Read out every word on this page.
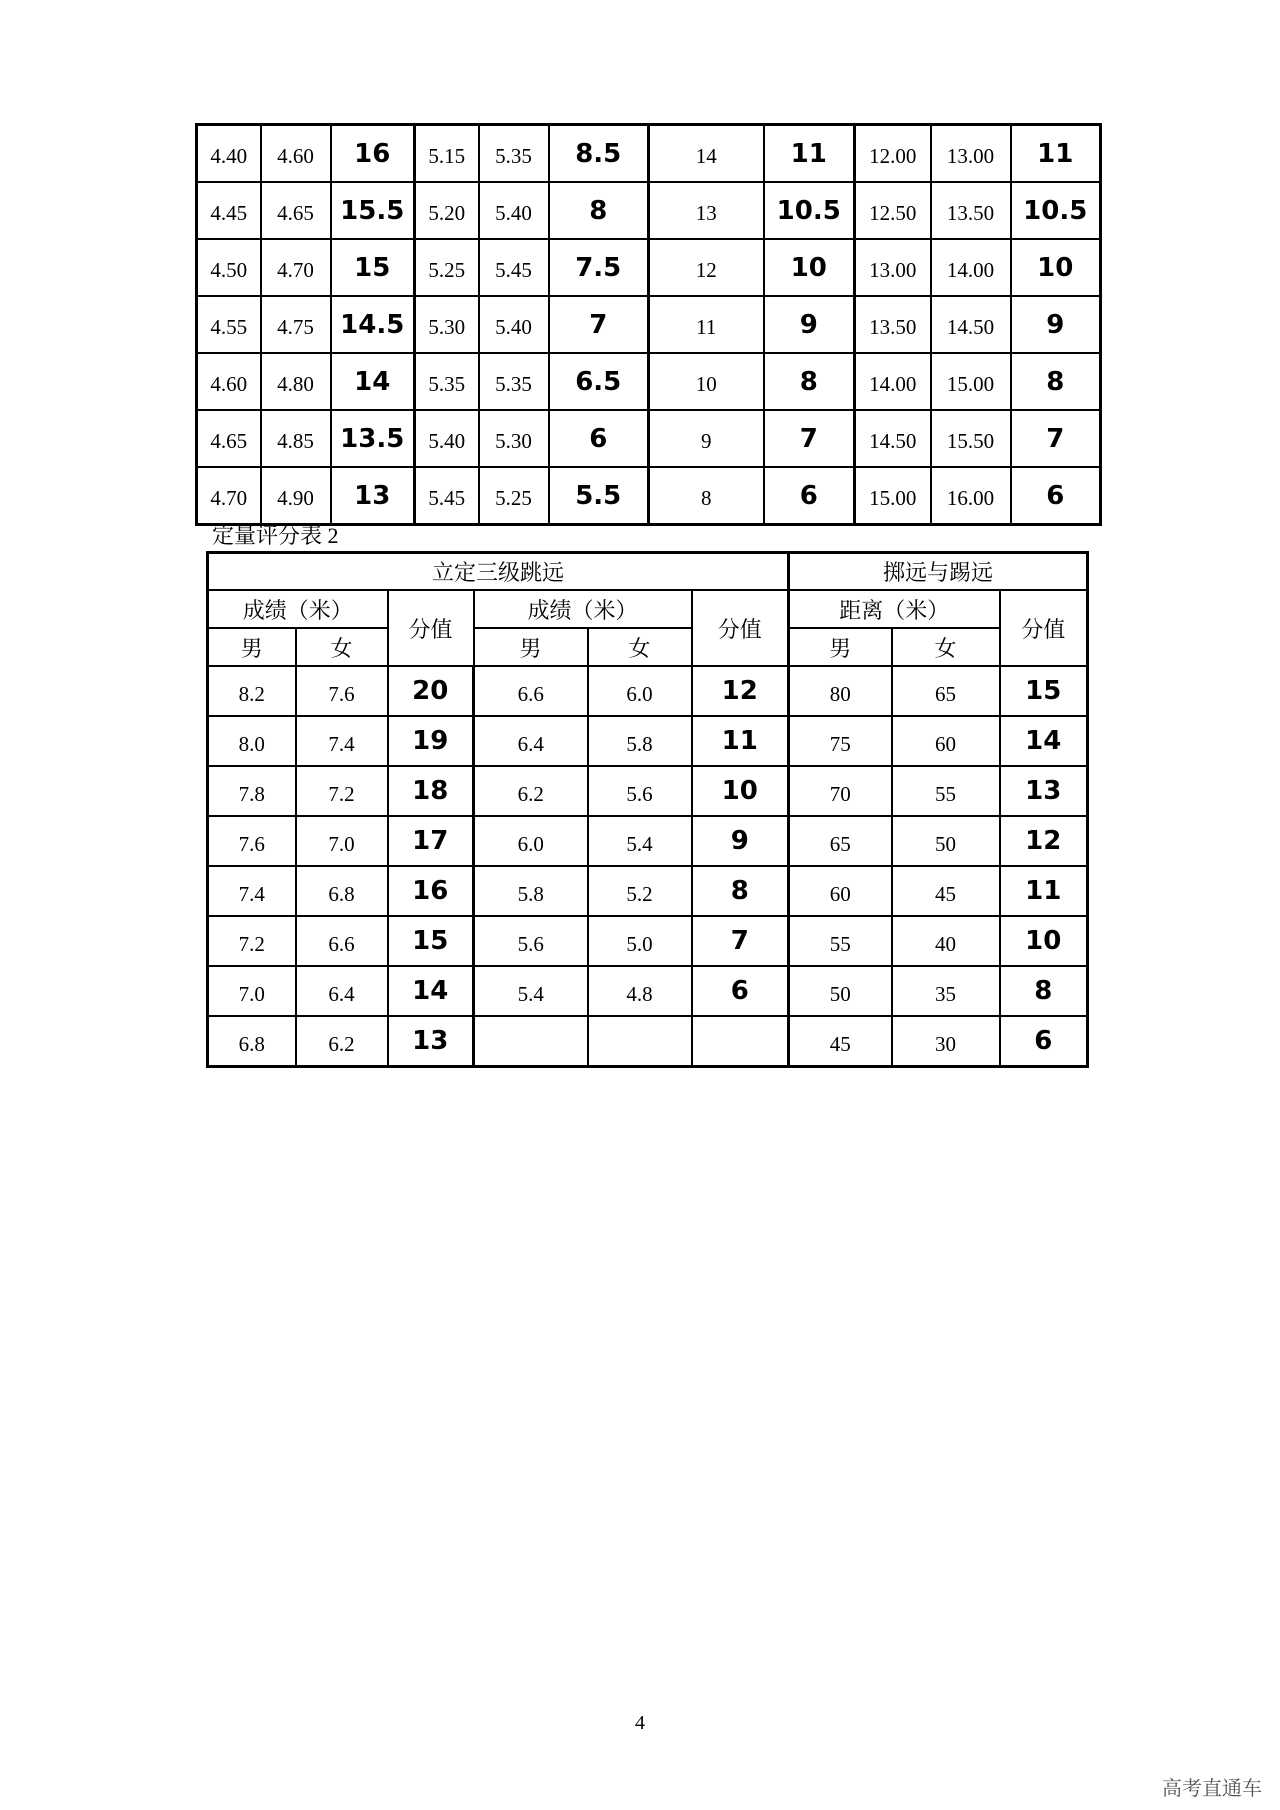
4.40	4.60	16	5.15	5.35	8.5	14	11	12.00	13.00	11
4.45	4.65	15.5	5.20	5.40	8	13	10.5	12.50	13.50	10.5
4.50	4.70	15	5.25	5.45	7.5	12	10	13.00	14.00	10
4.55	4.75	14.5	5.30	5.40	7	11	9	13.50	14.50	9
4.60	4.80	14	5.35	5.35	6.5	10	8	14.00	15.00	8
4.65	4.85	13.5	5.40	5.30	6	9	7	14.50	15.50	7
4.70	4.90	13	5.45	5.25	5.5	8	6	15.00	16.00	6
定量评分表 2
立定三级跳远						掷远与踢远		
成绩（米）		分值	成绩（米）		分值	距离（米）		分值
男	女		男	女		男	女	
8.2	7.6	20	6.6	6.0	12	80	65	15
8.0	7.4	19	6.4	5.8	11	75	60	14
7.8	7.2	18	6.2	5.6	10	70	55	13
7.6	7.0	17	6.0	5.4	9	65	50	12
7.4	6.8	16	5.8	5.2	8	60	45	11
7.2	6.6	15	5.6	5.0	7	55	40	10
7.0	6.4	14	5.4	4.8	6	50	35	8
6.8	6.2	13				45	30	6
4
高考直通车
